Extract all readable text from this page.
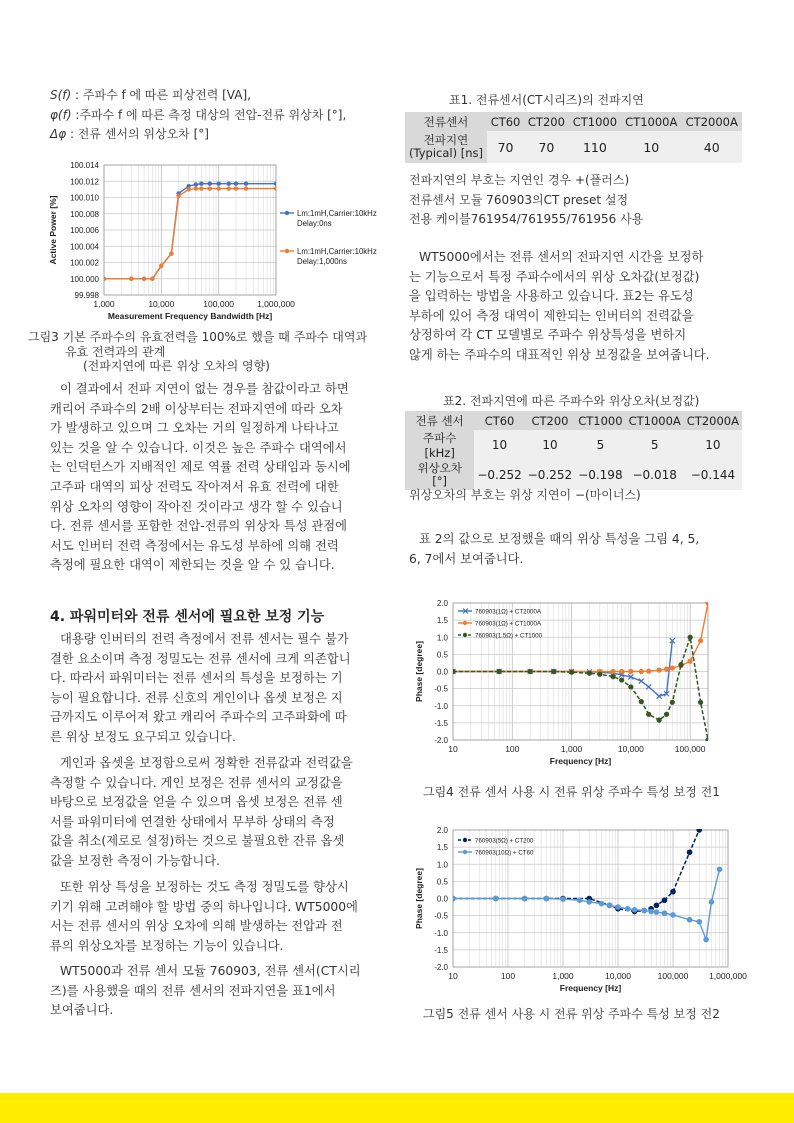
S(f) : 주파수 f 에 따른 피상전력 [VA],
φ(f) :주파수 f 에 따른 측정 대상의 전압-전류 위상차 [°],
Δφ : 전류 센서의 위상오차 [°]
1,000	10,000	100,000	1,000,000
100.014
100.012
100.010
100.008
100.006
100.004
100.002
100.000
99.998
Measurement Frequency Bandwidth [Hz]
Active Power [%]	Lm:1mH,Carrier:10kHz
Delay:0ns
Lm:1mH,Carrier:10kHz
Delay:1,000ns
그림3 기본 주파수의 유효전력을 100%로 했을 때 주파수 대역과
유효 전력과의 관계
(전파지연에 따른 위상 오차의 영향)

이 결과에서 전파 지연이 없는 경우를 참값이라고 하면

캐리어 주파수의 2배 이상부터는 전파지연에 따라 오차
가 발생하고 있으며 그 오차는 거의 일정하게 나타나고
있는 것을 알 수 있습니다. 이것은 높은 주파수 대역에서
는 인덕턴스가 지배적인 제로 역률 전력 상태임과 동시에
고주파 대역의 피상 전력도 작아져서 유효 전력에 대한
위상 오차의 영향이 작아진 것이라고 생각 할 수 있습니
다. 전류 센서를 포함한 전압-전류의 위상차 특성 관점에
서도 인버터 전력 측정에서는 유도성 부하에 의해 전력
측정에 필요한 대역이 제한되는 것을 알 수 있 습니다.
4. 파워미터와 전류 센서에 필요한 보정 기능

대용량 인버터의 전력 측정에서 전류 센서는 필수 불가

결한 요소이며 측정 정밀도는 전류 센서에 크게 의존합니
다. 따라서 파워미터는 전류 센서의 특성을 보정하는 기
능이 필요합니다. 전류 신호의 게인이나 옵셋 보정은 지
금까지도 이루어져 왔고 캐리어 주파수의 고주파화에 따
른 위상 보정도 요구되고 있습니다.

게인과 옵셋을 보정함으로써 정확한 전류값과 전력값을

측정할 수 있습니다. 게인 보정은 전류 센서의 교정값을
바탕으로 보정값을 얻을 수 있으며 옵셋 보정은 전류 센
서를 파워미터에 연결한 상태에서 무부하 상태의 측정
값을 취소(제로로 설정)하는 것으로 불필요한 잔류 옵셋
값을 보정한 측정이 가능합니다.

또한 위상 특성을 보정하는 것도 측정 정밀도를 향상시

키기 위해 고려해야 할 방법 중의 하나입니다. WT5000에
서는 전류 센서의 위상 오차에 의해 발생하는 전압과 전
류의 위상오차를 보정하는 기능이 있습니다.

WT5000과 전류 센서 모듈 760903, 전류 센서(CT시리

즈)를 사용했을 때의 전류 센서의 전파지연을 표1에서
보여줍니다.
표1. 전류센서(CT시리즈)의 전파지연
전류센서	CT60	CT200	CT1000	CT1000A	CT2000A

전파지연
(Typical) [ns]	70	70	110	10	40
전파지연의 부호는 지연인 경우 +(플러스)
전류센서 모듈 760903의CT preset 설정
전용 케이블761954/761955/761956 사용

WT5000에서는 전류 센서의 전파지연 시간을 보정하

는 기능으로서 특정 주파수에서의 위상 오차값(보정값)
을 입력하는 방법을 사용하고 있습니다. 표2는 유도성
부하에 있어 측정 대역이 제한되는 인버터의 전력값을
상정하여 각 CT 모델별로 주파수 위상특성을 변하지
않게 하는 주파수의 대표적인 위상 보정값을 보여줍니다.
표2. 전파지연에 따른 주파수와 위상오차(보정값)
전류 센서	CT60	CT200	CT1000	CT1000A	CT2000A
주파수[kHz]	10	10	5	5	10

위상오차
[°]	−0.252	−0.252	−0.198	−0.018	−0.144
위상오차의 부호는 위상 지연이 −(마이너스)

표 2의 값으로 보정했을 때의 위상 특성을 그림 4, 5,

6, 7에서 보여줍니다.
10	100	1,000	10,000	100,000
2.0
1.5
1.0
0.5
0.0
-0.5
-1.0
-1.5
-2.0
Frequency [Hz]
Phase [degree]
760903(1Ω) + CT2000A
760903(1Ω) + CT1000A
760903(1.5Ω) + CT1000
그림4 전류 센서 사용 시 전류 위상 주파수 특성 보정 전1
10	100	1,000	10,000	100,000 1,000,000
2.0
1.5
1.0
0.5
0.0
-0.5
-1.0
-1.5
-2.0
Frequency [Hz]
Phase [degree]
760903(5Ω) + CT200
760903(10Ω) + CT60
그림5 전류 센서 사용 시 전류 위상 주파수 특성 보정 전2
